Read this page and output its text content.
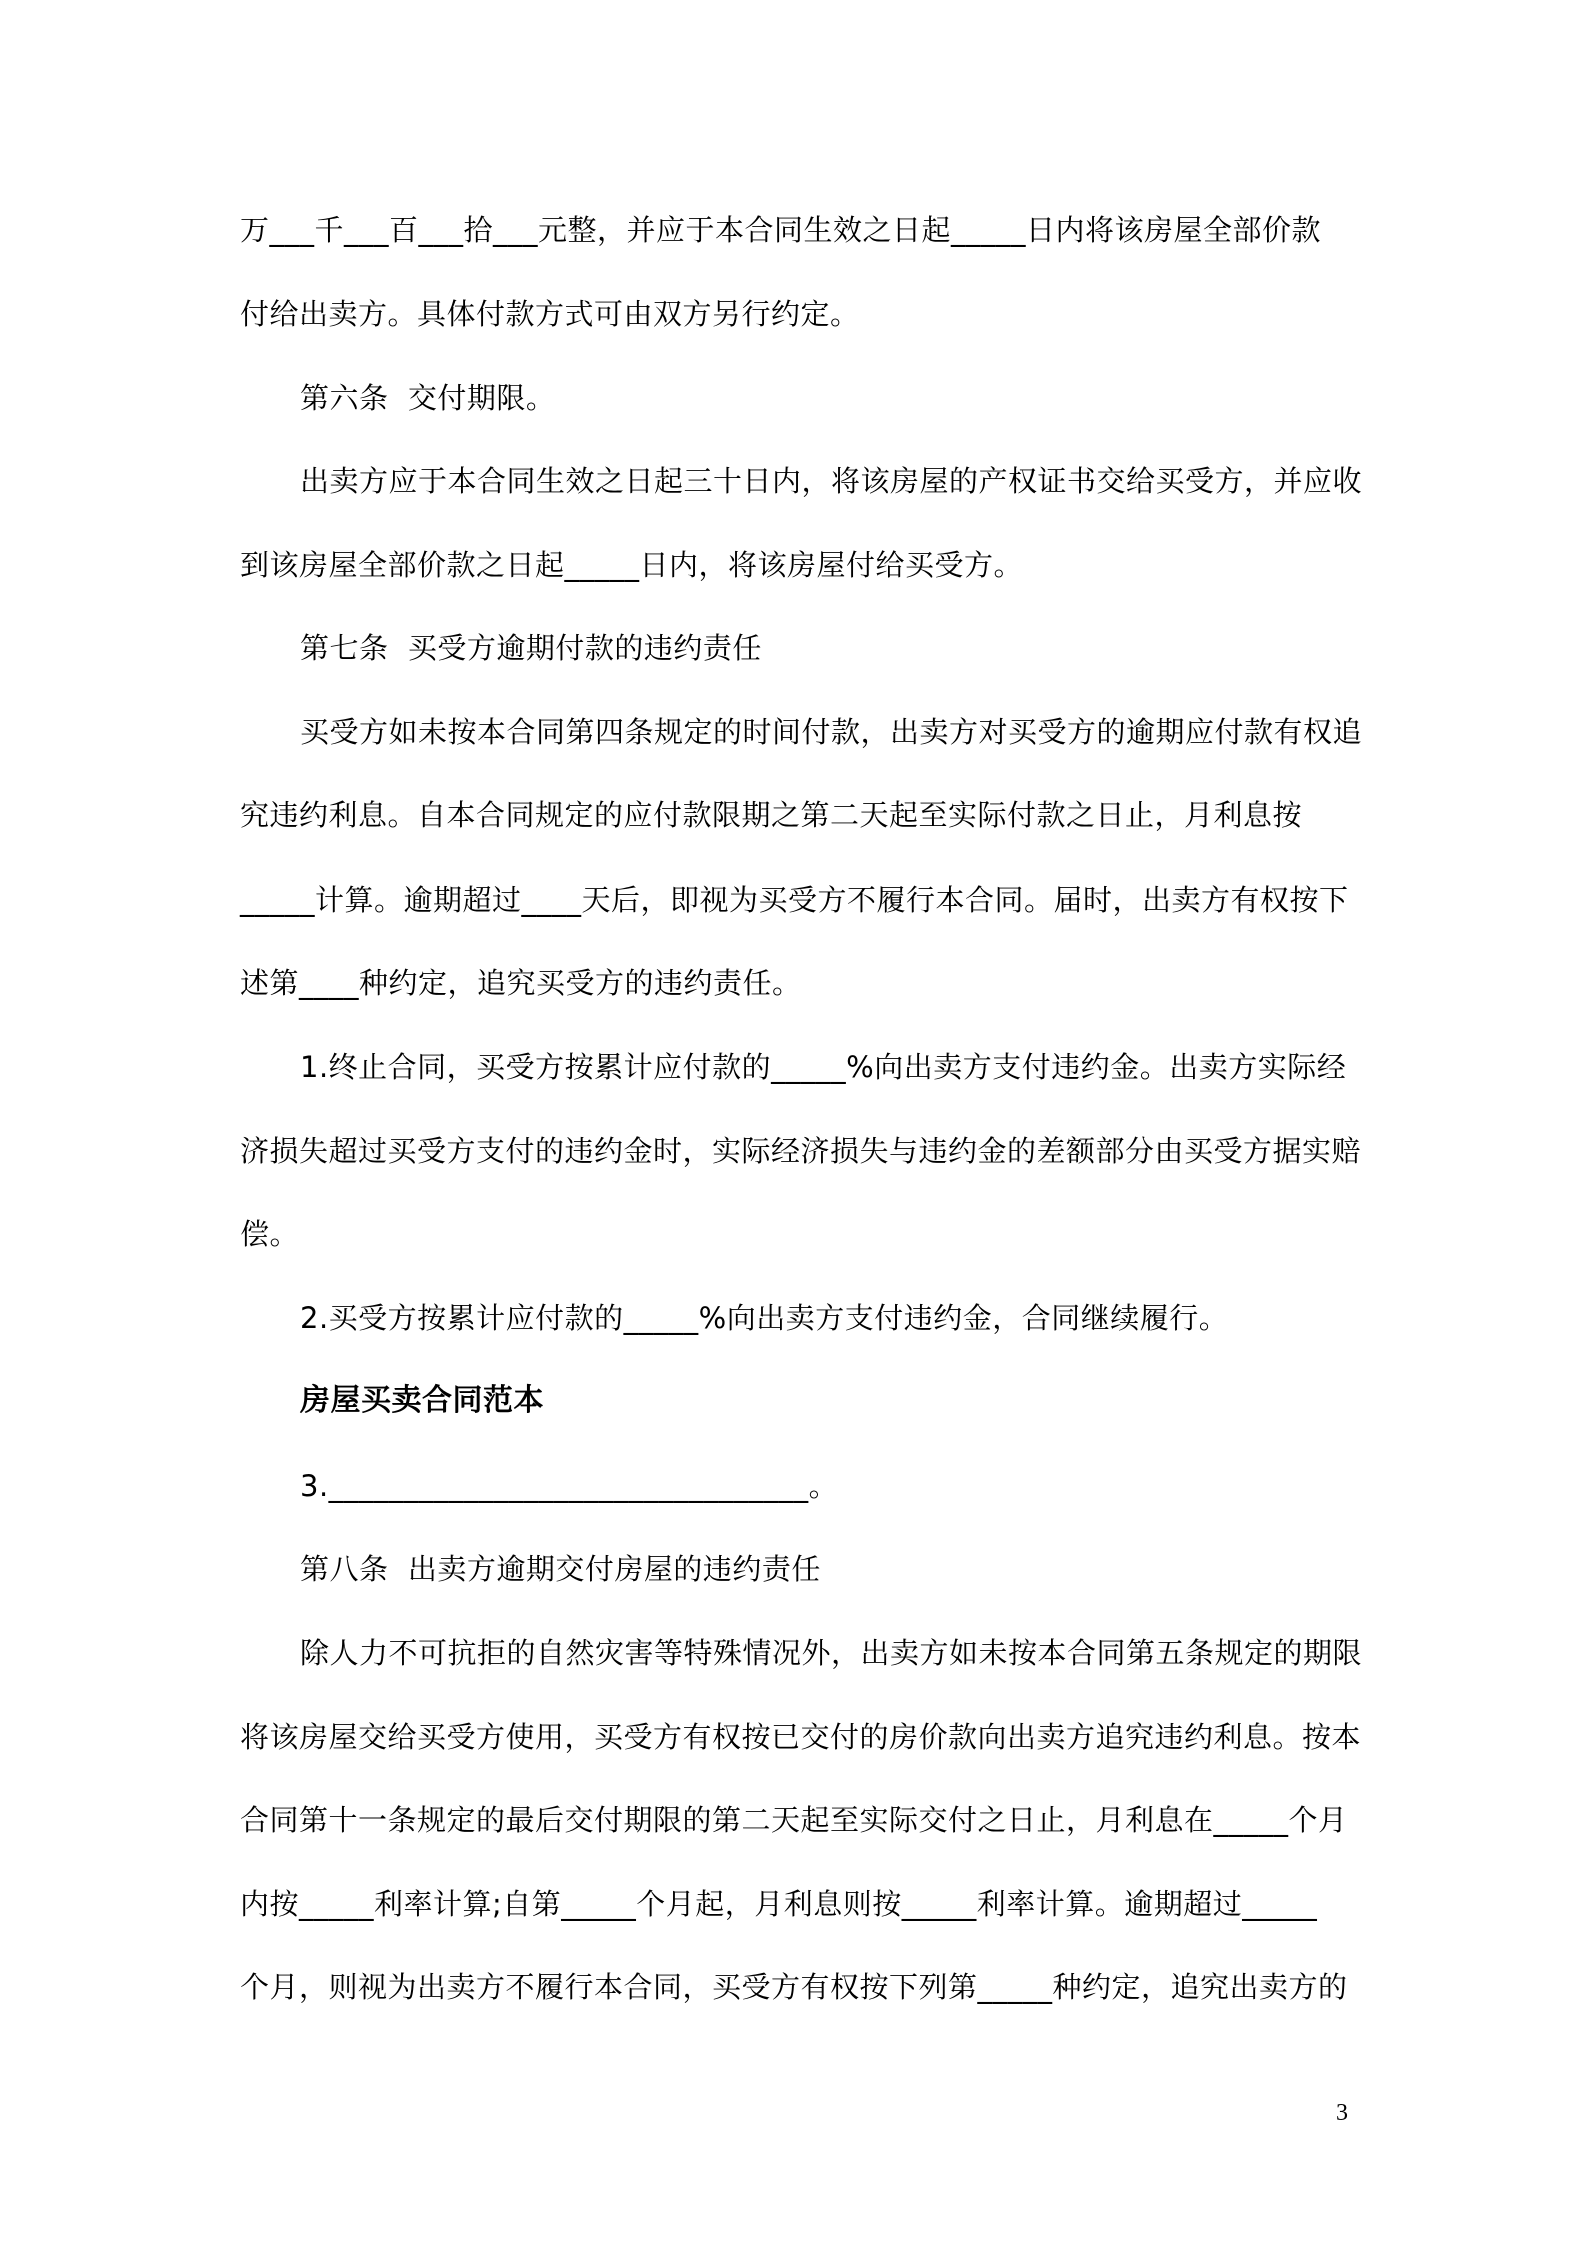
万___千___百___拾___元整，并应于本合同生效之日起_____日内将该房屋全部价款
付给出卖方。具体付款方式可由双方另行约定。
第六条  交付期限。
出卖方应于本合同生效之日起三十日内，将该房屋的产权证书交给买受方，并应收
到该房屋全部价款之日起_____日内，将该房屋付给买受方。
第七条  买受方逾期付款的违约责任
买受方如未按本合同第四条规定的时间付款，出卖方对买受方的逾期应付款有权追
究违约利息。自本合同规定的应付款限期之第二天起至实际付款之日止，月利息按
_____计算。逾期超过____天后，即视为买受方不履行本合同。届时，出卖方有权按下
述第____种约定，追究买受方的违约责任。
1.终止合同，买受方按累计应付款的_____%向出卖方支付违约金。出卖方实际经
济损失超过买受方支付的违约金时，实际经济损失与违约金的差额部分由买受方据实赔
偿。
2.买受方按累计应付款的_____%向出卖方支付违约金，合同继续履行。
房屋买卖合同范本
3.________________________________。
第八条  出卖方逾期交付房屋的违约责任
除人力不可抗拒的自然灾害等特殊情况外，出卖方如未按本合同第五条规定的期限
将该房屋交给买受方使用，买受方有权按已交付的房价款向出卖方追究违约利息。按本
合同第十一条规定的最后交付期限的第二天起至实际交付之日止，月利息在_____个月
内按_____利率计算;自第_____个月起，月利息则按_____利率计算。逾期超过_____
个月，则视为出卖方不履行本合同，买受方有权按下列第_____种约定，追究出卖方的
3
